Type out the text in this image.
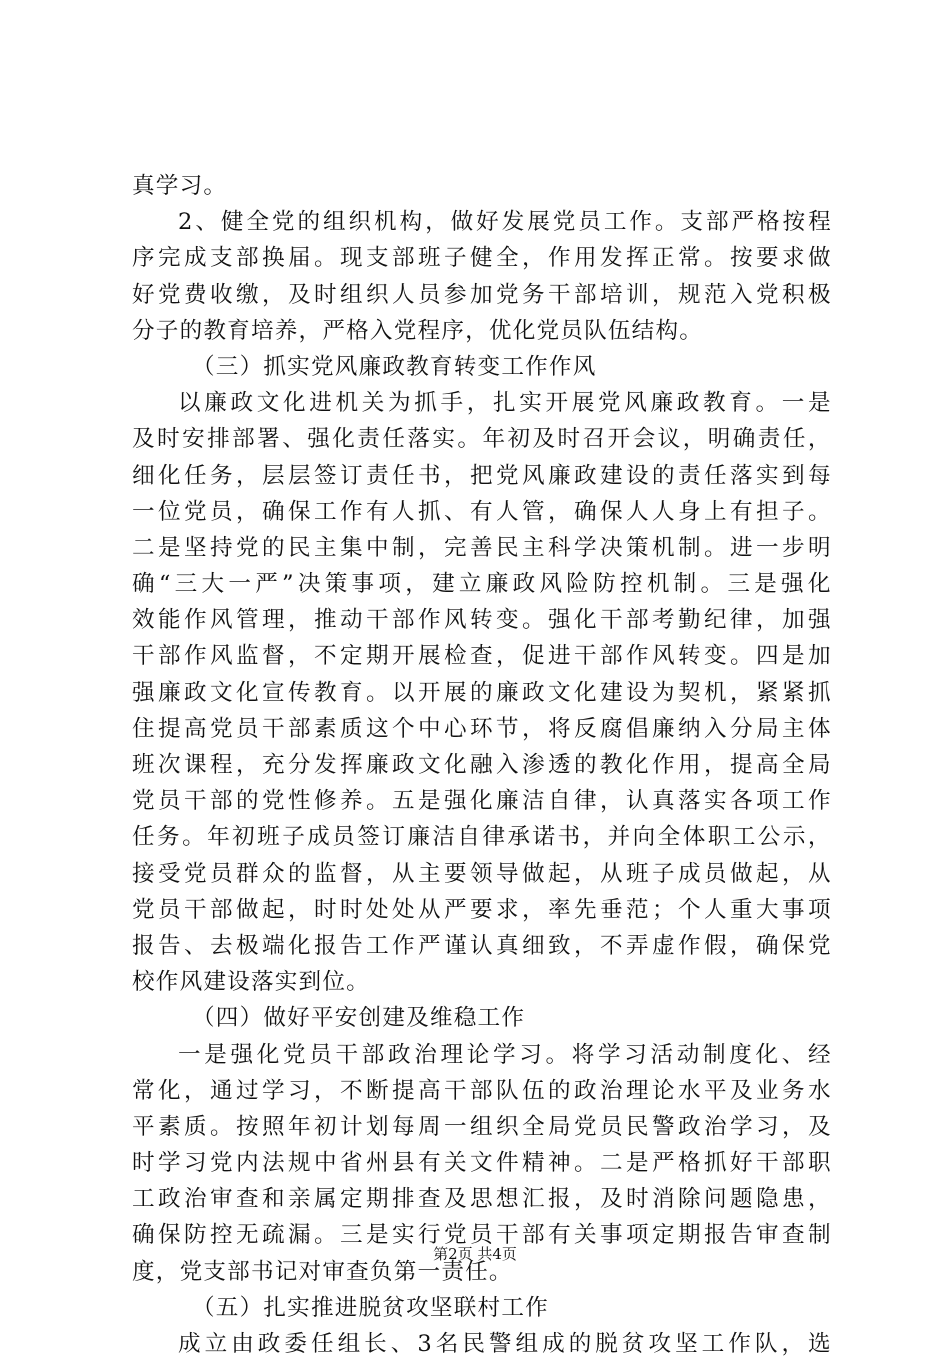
真学习。
2 、 健 全 党 的 组 织 机 构 ， 做 好 发 展 党 员 工 作 。 支 部 严 格 按 程
序 完 成 支 部 换 届 。 现 支 部 班 子 健 全 ， 作 用 发 挥 正 常 。 按 要 求 做
好 党 费 收 缴 ， 及 时 组 织 人 员 参 加 党 务 干 部 培 训 ， 规 范 入 党 积 极
分子的教育培养，严格入党程序，优化党员队伍结构。
（三）抓实党风廉政教育转变工作作风
以 廉 政 文 化 进 机 关 为 抓 手 ， 扎 实 开 展 党 风 廉 政 教 育 。 一 是
及 时 安 排 部 署 、 强 化 责 任 落 实 。 年 初 及 时 召 开 会 议 ， 明 确 责 任 ，
细 化 任 务 ， 层 层 签 订 责 任 书 ， 把 党 风 廉 政 建 设 的 责 任 落 实 到 每
一 位 党 员 ， 确 保 工 作 有 人 抓 、 有 人 管 ， 确 保 人 人 身 上 有 担 子 。
二 是 坚 持 党 的 民 主 集 中 制 ， 完 善 民 主 科 学 决 策 机 制 。 进 一 步 明
确 “ 三 大 一 严 ” 决 策 事 项 ， 建 立 廉 政 风 险 防 控 机 制 。 三 是 强 化
效 能 作 风 管 理 ， 推 动 干 部 作 风 转 变 。 强 化 干 部 考 勤 纪 律 ， 加 强
干 部 作 风 监 督 ， 不 定 期 开 展 检 查 ， 促 进 干 部 作 风 转 变 。 四 是 加
强 廉 政 文 化 宣 传 教 育 。 以 开 展 的 廉 政 文 化 建 设 为 契 机 ， 紧 紧 抓
住 提 高 党 员 干 部 素 质 这 个 中 心 环 节 ， 将 反 腐 倡 廉 纳 入 分 局 主 体
班 次 课 程 ， 充 分 发 挥 廉 政 文 化 融 入 渗 透 的 教 化 作 用 ， 提 高 全 局
党 员 干 部 的 党 性 修 养 。 五 是 强 化 廉 洁 自 律 ， 认 真 落 实 各 项 工 作
任 务 。 年 初 班 子 成 员 签 订 廉 洁 自 律 承 诺 书 ， 并 向 全 体 职 工 公 示 ，
接 受 党 员 群 众 的 监 督 ， 从 主 要 领 导 做 起 ， 从 班 子 成 员 做 起 ， 从
党 员 干 部 做 起 ， 时 时 处 处 从 严 要 求 ， 率 先 垂 范 ； 个 人 重 大 事 项
报 告 、 去 极 端 化 报 告 工 作 严 谨 认 真 细 致 ， 不 弄 虚 作 假 ， 确 保 党
校作风建设落实到位。
（四）做好平安创建及维稳工作
一 是 强 化 党 员 干 部 政 治 理 论 学 习 。 将 学 习 活 动 制 度 化 、 经
常 化 ， 通 过 学 习 ， 不 断 提 高 干 部 队 伍 的 政 治 理 论 水 平 及 业 务 水
平 素 质 。 按 照 年 初 计 划 每 周 一 组 织 全 局 党 员 民 警 政 治 学 习 ， 及
时 学 习 党 内 法 规 中 省 州 县 有 关 文 件 精 神 。 二 是 严 格 抓 好 干 部 职
工 政 治 审 查 和 亲 属 定 期 排 查 及 思 想 汇 报 ， 及 时 消 除 问 题 隐 患 ，
确 保 防 控 无 疏 漏 。 三 是 实 行 党 员 干 部 有 关 事 项 定 期 报 告 审 查 制
度，党支部书记对审查负第一责任。
（五）扎实推进脱贫攻坚联村工作
成 立 由 政 委 任 组 长 、 3 名 民 警 组 成 的 脱 贫 攻 坚 工 作 队 ， 选
第2页 共4页
